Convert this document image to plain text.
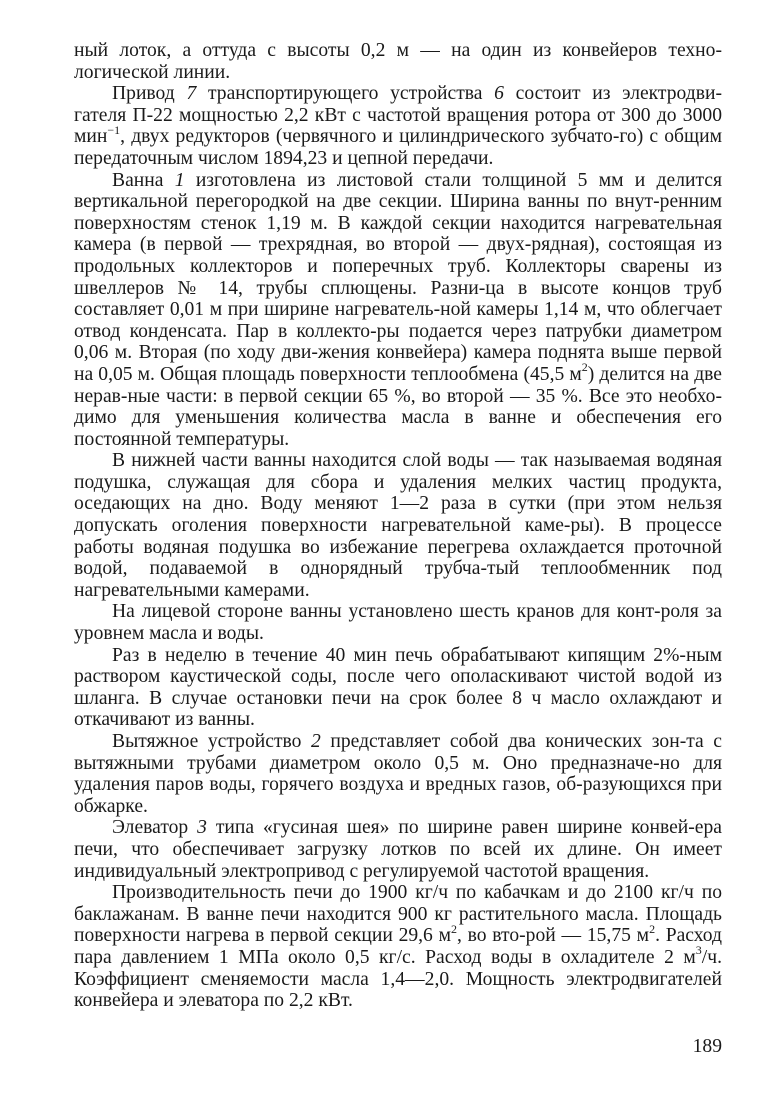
ный лоток, а оттуда с высоты 0,2 м — на один из конвейеров техно-логической линии.

Привод 7 транспортирующего устройства 6 состоит из электродви-гателя П-22 мощностью 2,2 кВт с частотой вращения ротора от 300 до 3000 мин$^{-1}$, двух редукторов (червячного и цилиндрического зубчато-го) с общим передаточным числом 1894,23 и цепной передачи.

Ванна 1 изготовлена из листовой стали толщиной 5 мм и делится вертикальной перегородкой на две секции. Ширина ванны по внут-ренним поверхностям стенок 1,19 м. В каждой секции находится нагревательная камера (в первой — трехрядная, во второй — двух-рядная), состоящая из продольных коллекторов и поперечных труб. Коллекторы сварены из швеллеров № 14, трубы сплющены. Разни-ца в высоте концов труб составляет 0,01 м при ширине нагреватель-ной камеры 1,14 м, что облегчает отвод конденсата. Пар в коллекто-ры подается через патрубки диаметром 0,06 м. Вторая (по ходу дви-жения конвейера) камера поднята выше первой на 0,05 м. Общая площадь поверхности теплообмена (45,5 $м^2$) делится на две нерав-ные части: в первой секции 65 %, во второй — 35 %. Все это необхо-димо для уменьшения количества масла в ванне и обеспечения его постоянной температуры.

В нижней части ванны находится слой воды — так называемая водяная подушка, служащая для сбора и удаления мелких частиц продукта, оседающих на дно. Воду меняют 1—2 раза в сутки (при этом нельзя допускать оголения поверхности нагревательной каме-ры). В процессе работы водяная подушка во избежание перегрева охлаждается проточной водой, подаваемой в однорядный трубча-тый теплообменник под нагревательными камерами.

На лицевой стороне ванны установлено шесть кранов для конт-роля за уровнем масла и воды.

Раз в неделю в течение 40 мин печь обрабатывают кипящим 2%-ным раствором каустической соды, после чего ополаскивают чистой водой из шланга. В случае остановки печи на срок более 8 ч масло охлаждают и откачивают из ванны.

Вытяжное устройство 2 представляет собой два конических зон-та с вытяжными трубами диаметром около 0,5 м. Оно предназначе-но для удаления паров воды, горячего воздуха и вредных газов, об-разующихся при обжарке.

Элеватор 3 типа «гусиная шея» по ширине равен ширине конвей-ера печи, что обеспечивает загрузку лотков по всей их длине. Он имеет индивидуальный электропривод с регулируемой частотой вращения.

Производительность печи до 1900 кг/ч по кабачкам и до 2100 кг/ч по баклажанам. В ванне печи находится 900 кг растительного масла. Площадь поверхности нагрева в первой секции 29,6 $м^2$, во вто-рой — 15,75 $м^2$. Расход пара давлением 1 МПа около 0,5 кг/с. Расход воды в охладителе 2 $м^3/ч$. Коэффициент сменяемости масла 1,4—2,0. Мощность электродвигателей конвейера и элеватора по 2,2 кВт.

189
